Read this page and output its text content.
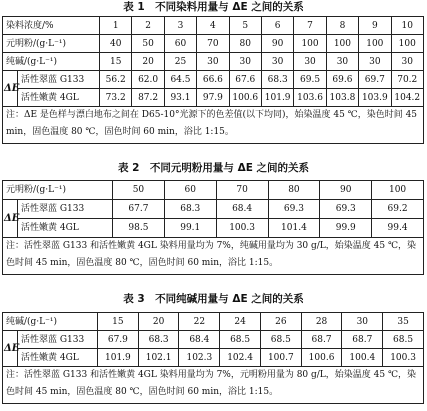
表 1　不同染料用量与 ΔE 之间的关系
染料浓度/%		1	2	3	4	5	6	7	8	9	10
元明粉/(g·L⁻¹)		40	50	60	70	80	90	100	100	100	100
纯碱/(g·L⁻¹)		15	20	25	30	30	30	30	30	30	30
ΔE	活性翠蓝 G133	56.2	62.0	64.5	66.6	67.6	68.3	69.5	69.6	69.7	70.2
	活性嫩黄 4GL	73.2	87.2	93.1	97.9	100.6	101.9	103.6	103.8	103.9	104.2
注：ΔE 是色样与漂白地布之间在 D65-10°光源下的色差值(以下均同)，始染温度 45 ℃，染色时间 45 min，固色温度 80 ℃，固色时间 60 min，浴比 1:15。											
表 2　不同元明粉用量与 ΔE 之间的关系
元明粉/(g·L⁻¹)		50	60	70	80	90	100
ΔE	活性翠蓝 G133	67.7	68.3	68.4	69.3	69.3	69.2
	活性嫩黄 4GL	98.5	99.1	100.3	101.4	99.9	99.4
注：活性翠蓝 G133 和活性嫩黄 4GL 染料用量均为 7%，纯碱用量均为 30 g/L，始染温度 45 ℃，染色时间 45 min，固色温度 80 ℃，固色时间 60 min，浴比 1:15。							
表 3　不同纯碱用量与 ΔE 之间的关系
纯碱/(g·L⁻¹)		15	20	22	24	26	28	30	35
ΔE	活性翠蓝 G133	67.9	68.3	68.4	68.5	68.5	68.7	68.7	68.5
	活性嫩黄 4GL	101.9	102.1	102.3	102.4	100.7	100.6	100.4	100.3
注：活性翠蓝 G133 和活性嫩黄 4GL 染料用量均为 7%，元明粉用量为 80 g/L，始染温度 45 ℃，染色时间 45 min，固色温度 80 ℃，固色时间 60 min，浴比 1:15。									
